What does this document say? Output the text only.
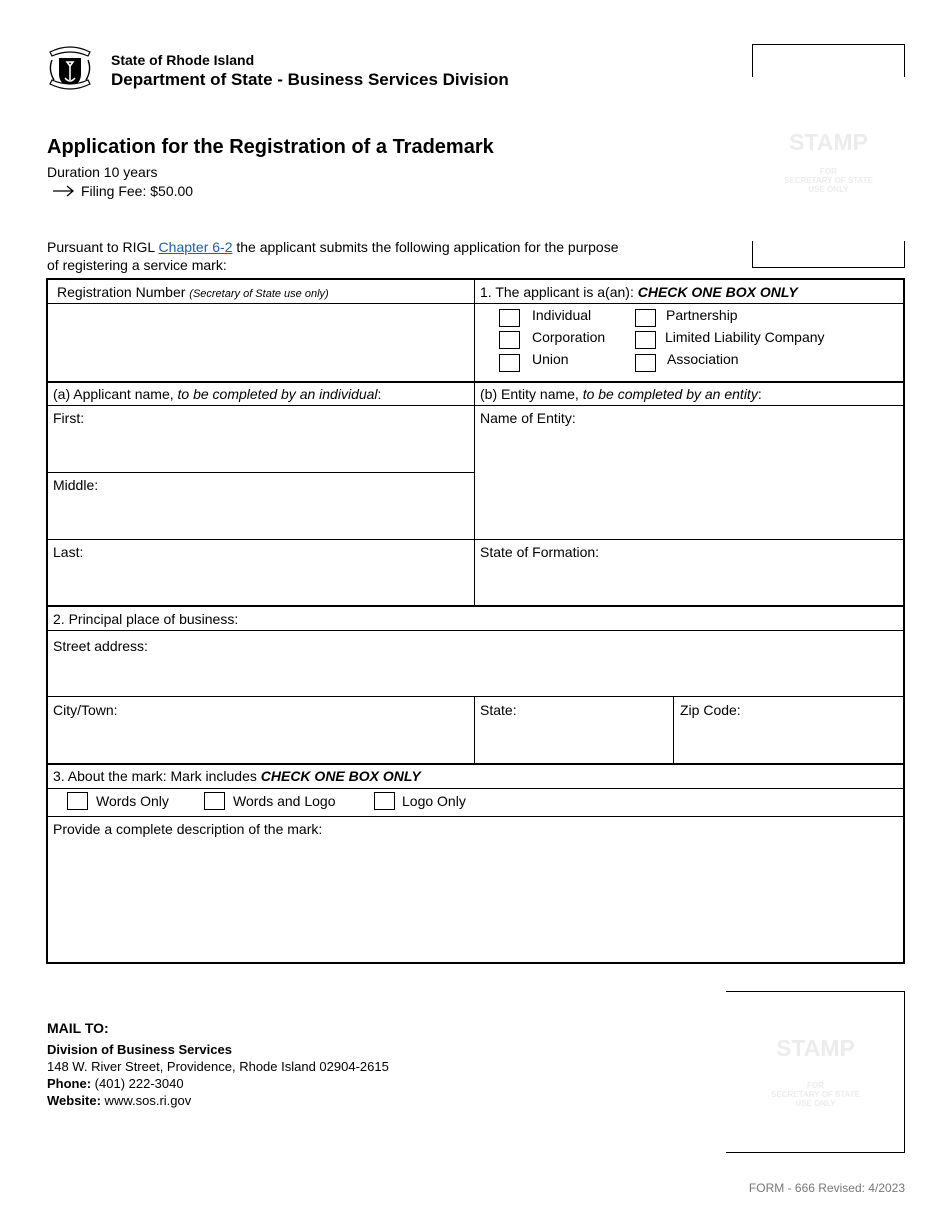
State of Rhode Island
Department of State - Business Services Division
STAMP
FOR
SECRETARY OF STATE
USE ONLY
Application for the Registration of a Trademark
Duration 10 years
Filing Fee: $50.00
Pursuant to RIGL Chapter 6-2 the applicant submits the following application for the purpose
of registering a service mark:
Registration Number (Secretary of State use only)	1. The applicant is a(an): CHECK ONE BOX ONLY
Individual	Partnership
Corporation	Limited Liability Company
Union	Association
(a) Applicant name, to be completed by an individual:	(b) Entity name, to be completed by an entity:
First:
Middle:
Last:
Name of Entity:
State of Formation:
2. Principal place of business:
Street address:
City/Town:	State:	Zip Code:
3. About the mark: Mark includes CHECK ONE BOX ONLY
Words Only	Words and Logo	Logo Only
Provide a complete description of the mark:
MAIL TO:
Division of Business Services
148 W. River Street, Providence, Rhode Island 02904-2615
Phone: (401) 222-3040
Website: www.sos.ri.gov
STAMP
FOR
SECRETARY OF STATE
USE ONLY
FORM - 666 Revised: 4/2023
